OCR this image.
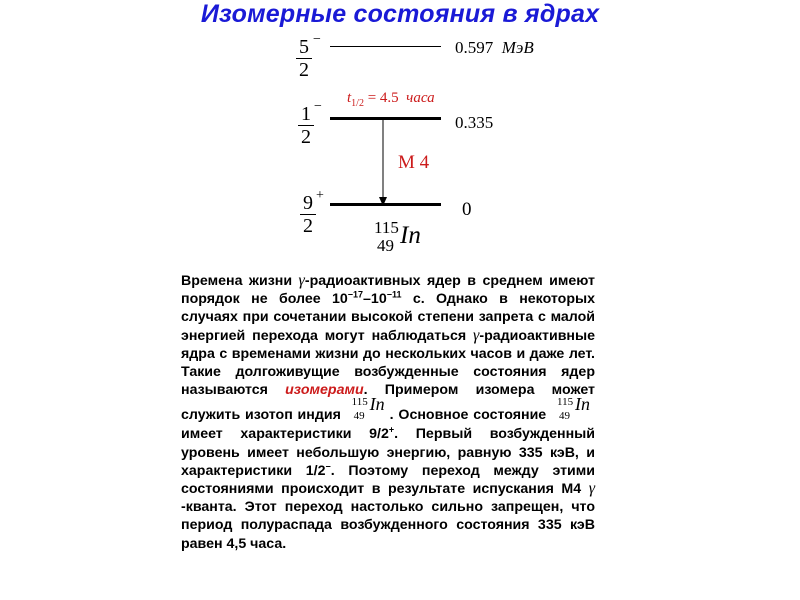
Изомерные состояния в ядрах
5
2
−	0.597 МэВ
$t_{1/2} = 4.5$ часа
1
2
−
0.335
M 4
9
2
+
0
115
49 In
Времена жизни γ-радиоактивных ядер в среднем имеют порядок не более $10^{-17}-10^{-11}$ с. Однако в некоторых случаях при сочетании высокой степени запрета с малой энергией перехода могут наблюдаться γ-радиоактивные ядра с временами жизни до нескольких часов и даже лет. Такие долгоживущие возбужденные состояния ядер называются изомерами. Примером изомера может служить изотоп индия
115
49
In
. Основное состояние
115
49
In
имеет характеристики 9/2+. Первый возбужденный уровень имеет небольшую энергию, равную 335 кэВ, и характеристики 1/2−. Поэтому переход между этими состояниями происходит в результате испускания М4 γ -кванта. Этот переход настолько сильно запрещен, что период полураспада возбужденного состояния 335 кэВ равен 4,5 часа.
